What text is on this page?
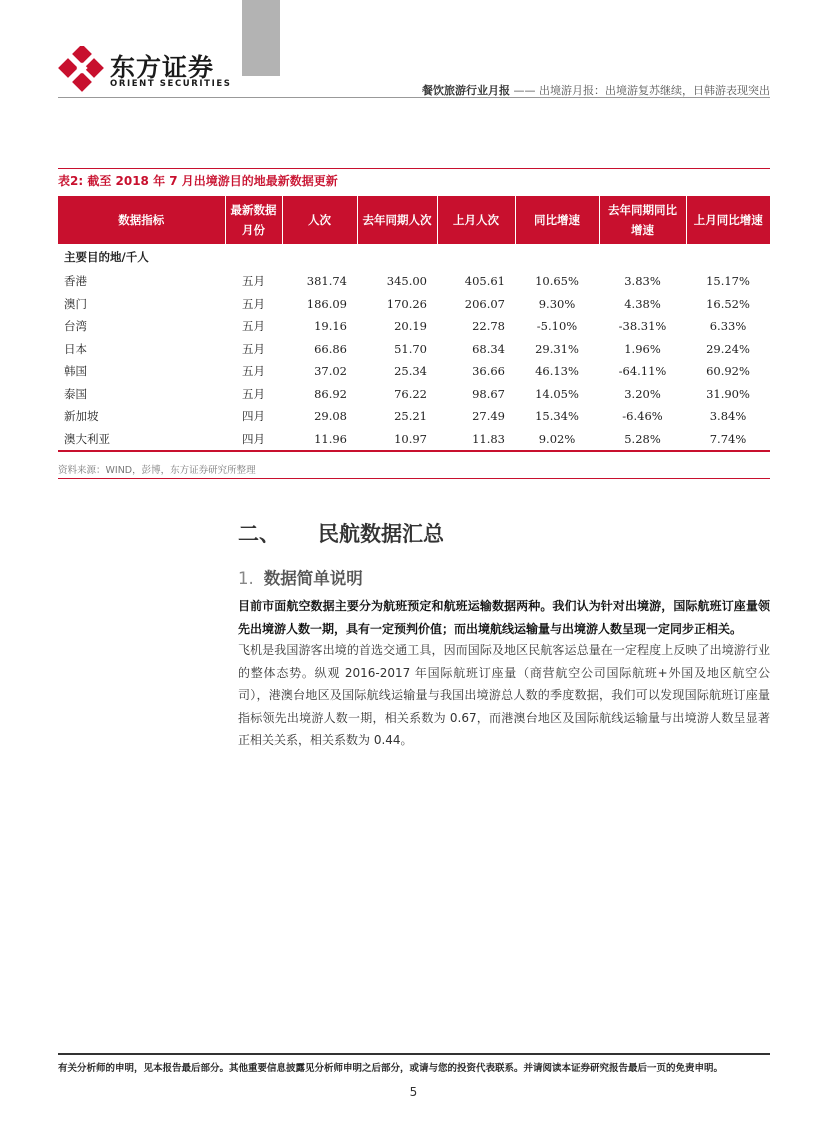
东方证券
ORIENT SECURITIES	餐饮旅游行业月报 —— 出境游月报：出境游复苏继续，日韩游表现突出
表2: 截至 2018 年 7 月出境游目的地最新数据更新
数据指标	最新数据月份	人次	去年同期人次	上月人次	同比增速	去年同期同比增速	上月同比增速
主要目的地/千人							
香港	五月	381.74	345.00	405.61	10.65%	3.83%	15.17%
澳门	五月	186.09	170.26	206.07	9.30%	4.38%	16.52%
台湾	五月	19.16	20.19	22.78	-5.10%	-38.31%	6.33%
日本	五月	66.86	51.70	68.34	29.31%	1.96%	29.24%
韩国	五月	37.02	25.34	36.66	46.13%	-64.11%	60.92%
泰国	五月	86.92	76.22	98.67	14.05%	3.20%	31.90%
新加坡	四月	29.08	25.21	27.49	15.34%	-6.46%	3.84%
澳大利亚	四月	11.96	10.97	11.83	9.02%	5.28%	7.74%
资料来源：WIND，彭博，东方证券研究所整理
二、 民航数据汇总
1. 数据简单说明
目前市面航空数据主要分为航班预定和航班运输数据两种。我们认为针对出境游，国际航班订座量领先出境游人数一期，具有一定预判价值；而出境航线运输量与出境游人数呈现一定同步正相关。
飞机是我国游客出境的首选交通工具，因而国际及地区民航客运总量在一定程度上反映了出境游行业的整体态势。纵观 2016-2017 年国际航班订座量（商营航空公司国际航班+外国及地区航空公司），港澳台地区及国际航线运输量与我国出境游总人数的季度数据，我们可以发现国际航班订座量指标领先出境游人数一期，相关系数为 0.67，而港澳台地区及国际航线运输量与出境游人数呈显著正相关关系，相关系数为 0.44。
有关分析师的申明，见本报告最后部分。其他重要信息披露见分析师申明之后部分，或请与您的投资代表联系。并请阅读本证券研究报告最后一页的免责申明。
5
